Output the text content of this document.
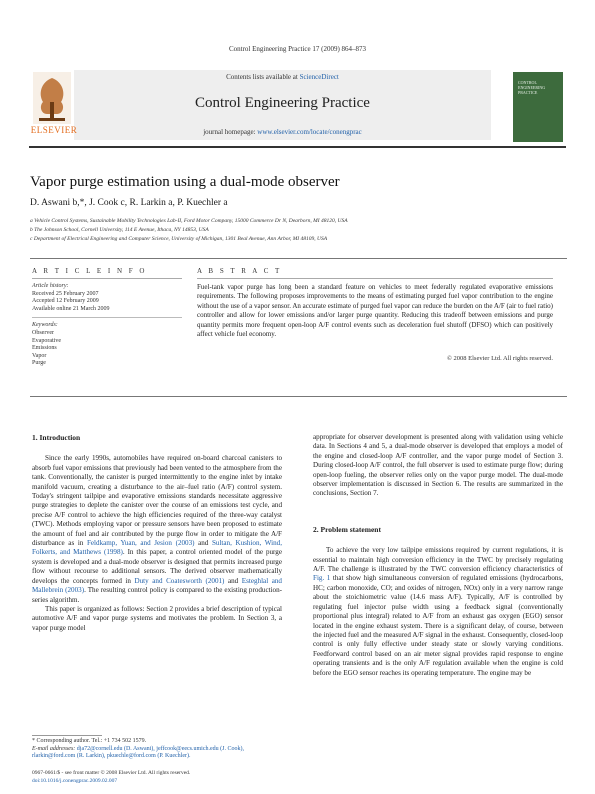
Control Engineering Practice 17 (2009) 864–873
Contents lists available at ScienceDirect
Control Engineering Practice
journal homepage: www.elsevier.com/locate/conengprac
ELSEVIER
CONTROL
ENGINEERING
PRACTICE
Vapor purge estimation using a dual-mode observer
D. Aswani b,*, J. Cook c, R. Larkin a, P. Kuechler a
a Vehicle Control Systems, Sustainable Mobility Technologies Lab-II, Ford Motor Company, 15000 Commerce Dr N, Dearborn, MI 48120, USA
b The Johnson School, Cornell University, 114 E Avenue, Ithaca, NY 14853, USA
c Department of Electrical Engineering and Computer Science, University of Michigan, 1301 Beal Avenue, Ann Arbor, MI 48109, USA
A R T I C L E I N F O	A B S T R A C T
Article history:
Received 25 February 2007
Accepted 12 February 2009
Available online 21 March 2009
Keywords:
Observer
Evaporative
Emissions
Vapor
Purge
Fuel-tank vapor purge has long been a standard feature on vehicles to meet federally regulated evaporative emissions requirements. The following proposes improvements to the means of estimating purged fuel vapor contribution to the engine without the use of a vapor sensor. An accurate estimate of purged fuel vapor can reduce the burden on the A/F (air to fuel ratio) controller and allow for lower emissions and/or larger purge quantity. Reducing this tradeoff between emissions and purge quantity permits more frequent open-loop A/F control events such as deceleration fuel shutoff (DFSO) which can positively affect vehicle fuel economy.
© 2008 Elsevier Ltd. All rights reserved.
1. Introduction

Since the early 1990s, automobiles have required on-board charcoal canisters to absorb fuel vapor emissions that previously had been vented to the atmosphere from the tank. Conventionally, the canister is purged intermittently to the engine inlet by intake manifold vacuum, creating a disturbance to the air–fuel ratio (A/F) control system. Today's stringent tailpipe and evaporative emissions standards necessitate aggressive purge strategies to deplete the canister over the course of an emissions test cycle, and precise A/F control to achieve the high efficiencies required of the three-way catalyst (TWC). Methods employing vapor or pressure sensors have been proposed to estimate the amount of fuel and air contributed by the purge flow in order to mitigate the A/F disturbance as in Feldkamp, Yuan, and Jesion (2003) and Sultan, Kushion, Wind, Folkerts, and Matthews (1998). In this paper, a control oriented model of the purge system is developed and a dual-mode observer is designed that permits increased purge flow without recourse to additional sensors. The derived observer mathematically develops the concepts formed in Duty and Coatesworth (2001) and Esteghlal and Mallebrein (2003). The resulting control policy is compared to the existing production-series algorithm.

This paper is organized as follows: Section 2 provides a brief description of typical automotive A/F and vapor purge systems and motivates the problem. In Section 3, a vapor purge model

appropriate for observer development is presented along with validation using vehicle data. In Sections 4 and 5, a dual-mode observer is developed that employs a model of the engine and closed-loop A/F controller, and the vapor purge model of Section 3. During closed-loop A/F control, the full observer is used to estimate purge flow; during open-loop fueling, the observer relies only on the vapor purge model. The dual-mode observer implementation is discussed in Section 6. The results are summarized in the conclusions, Section 7.

2. Problem statement

To achieve the very low tailpipe emissions required by current regulations, it is essential to maintain high conversion efficiency in the TWC by precisely regulating A/F. The challenge is illustrated by the TWC conversion efficiency characteristics of Fig. 1 that show high simultaneous conversion of regulated emissions (hydrocarbons, HC; carbon monoxide, CO; and oxides of nitrogen, NOx) only in a very narrow range about the stoichiometric value (14.6 mass A/F). Typically, A/F is controlled by regulating fuel injector pulse width using a feedback signal (conventionally proportional plus integral) related to A/F from an exhaust gas oxygen (EGO) sensor located in the engine exhaust system. There is a significant delay, of course, between the injected fuel and the measured A/F signal in the exhaust. Consequently, closed-loop control is only fully effective under steady state or slowly varying conditions. Feedforward control based on an air meter signal provides rapid response to engine operating transients and is the only A/F regulation available when the engine is cold before the EGO sensor reaches its operating temperature. The engine may be

* Corresponding author. Tel.: +1 734 502 1579.
E-mail addresses: dja72@cornell.edu (D. Aswani), jeffcook@eecs.umich.edu (J. Cook), rlarkin@ford.com (R. Larkin), pkuechle@ford.com (P. Kuechler).
0967-0661/$ - see front matter © 2008 Elsevier Ltd. All rights reserved.
doi:10.1016/j.conengprac.2009.02.007
